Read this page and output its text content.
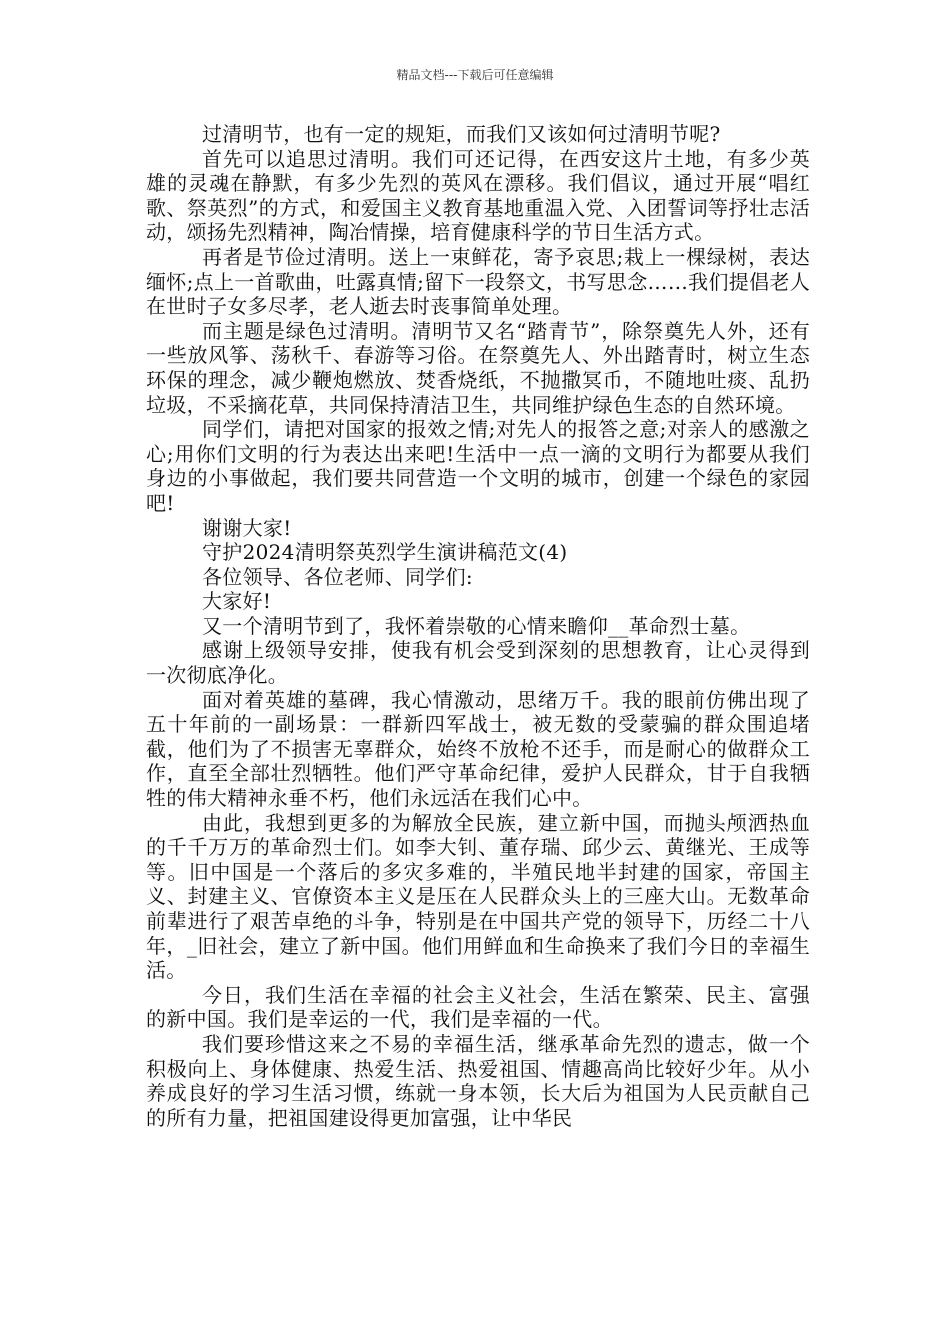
精品文档---下载后可任意编辑

过清明节，也有一定的规矩，而我们又该如何过清明节呢?

首先可以追思过清明。我们可还记得，在西安这片土地，有多少英雄的灵魂在静默，有多少先烈的英风在漂移。我们倡议，通过开展“唱红歌、祭英烈”的方式，和爱国主义教育基地重温入党、入团誓词等抒壮志活动，颂扬先烈精神，陶冶情操，培育健康科学的节日生活方式。

再者是节俭过清明。送上一束鲜花，寄予哀思;栽上一棵绿树，表达缅怀;点上一首歌曲，吐露真情;留下一段祭文，书写思念……我们提倡老人在世时子女多尽孝，老人逝去时丧事简单处理。

而主题是绿色过清明。清明节又名“踏青节”，除祭奠先人外，还有一些放风筝、荡秋千、春游等习俗。在祭奠先人、外出踏青时，树立生态环保的理念，减少鞭炮燃放、焚香烧纸，不抛撒冥币，不随地吐痰、乱扔垃圾，不采摘花草，共同保持清洁卫生，共同维护绿色生态的自然环境。

同学们，请把对国家的报效之情;对先人的报答之意;对亲人的感激之心;用你们文明的行为表达出来吧!生活中一点一滴的文明行为都要从我们身边的小事做起，我们要共同营造一个文明的城市，创建一个绿色的家园吧!

谢谢大家!

守护2024清明祭英烈学生演讲稿范文(4)

各位领导、各位老师、同学们:

大家好!

又一个清明节到了，我怀着崇敬的心情来瞻仰__革命烈士墓。

感谢上级领导安排，使我有机会受到深刻的思想教育，让心灵得到一次彻底净化。

面对着英雄的墓碑，我心情激动，思绪万千。我的眼前仿佛出现了五十年前的一副场景：一群新四军战士，被无数的受蒙骗的群众围追堵截，他们为了不损害无辜群众，始终不放枪不还手，而是耐心的做群众工作，直至全部壮烈牺牲。他们严守革命纪律，爱护人民群众，甘于自我牺牲的伟大精神永垂不朽，他们永远活在我们心中。

由此，我想到更多的为解放全民族，建立新中国，而抛头颅洒热血的千千万万的革命烈士们。如李大钊、董存瑞、邱少云、黄继光、王成等等。旧中国是一个落后的多灾多难的，半殖民地半封建的国家，帝国主义、封建主义、官僚资本主义是压在人民群众头上的三座大山。无数革命前辈进行了艰苦卓绝的斗争，特别是在中国共产党的领导下，历经二十八年，_旧社会，建立了新中国。他们用鲜血和生命换来了我们今日的幸福生活。

今日，我们生活在幸福的社会主义社会，生活在繁荣、民主、富强的新中国。我们是幸运的一代，我们是幸福的一代。

我们要珍惜这来之不易的幸福生活，继承革命先烈的遗志，做一个积极向上、身体健康、热爱生活、热爱祖国、情趣高尚比较好少年。从小养成良好的学习生活习惯，练就一身本领，长大后为祖国为人民贡献自己的所有力量，把祖国建设得更加富强，让中华民
